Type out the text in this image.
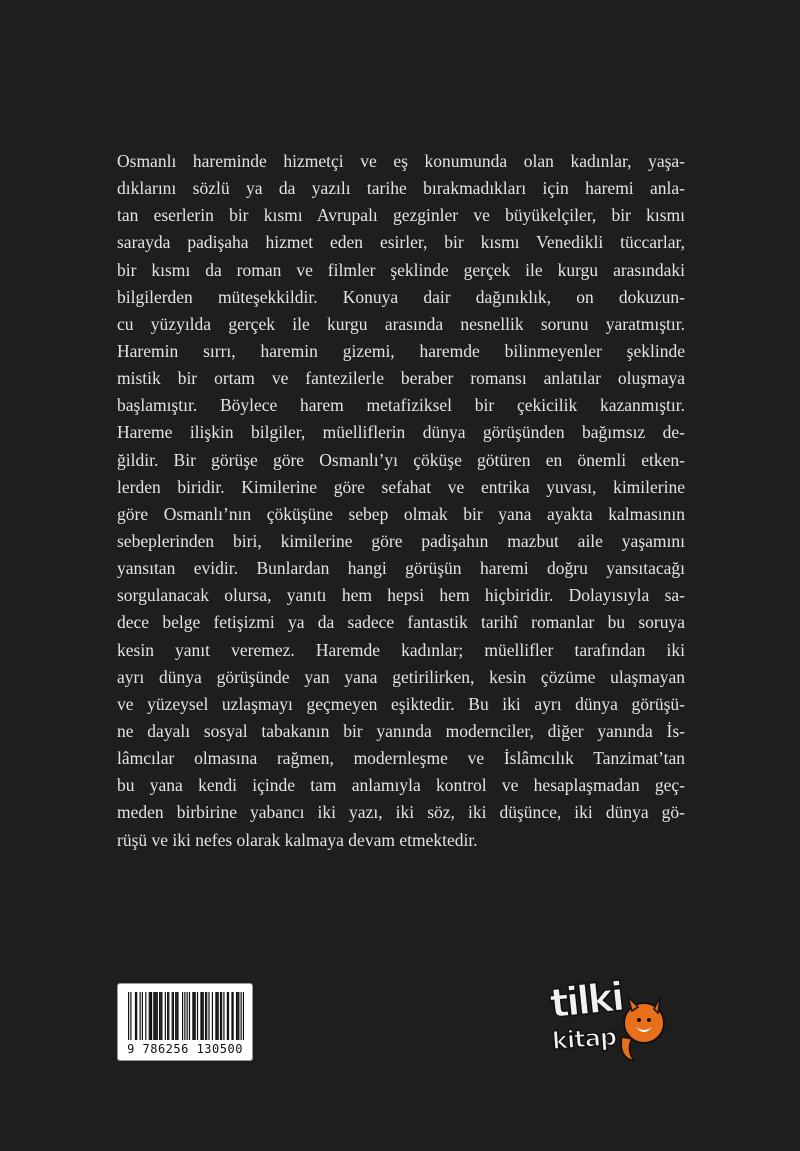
Osmanlı hareminde hizmetçi ve eş konumunda olan kadınlar, yaşa-
dıklarını sözlü ya da yazılı tarihe bırakmadıkları için haremi anla-
tan eserlerin bir kısmı Avrupalı gezginler ve büyükelçiler, bir kısmı
sarayda padişaha hizmet eden esirler, bir kısmı Venedikli tüccarlar,
bir kısmı da roman ve filmler şeklinde gerçek ile kurgu arasındaki
bilgilerden müteşekkildir. Konuya dair dağınıklık, on dokuzun-
cu yüzyılda gerçek ile kurgu arasında nesnellik sorunu yaratmıştır.
Haremin sırrı, haremin gizemi, haremde bilinmeyenler şeklinde
mistik bir ortam ve fantezilerle beraber romansı anlatılar oluşmaya
başlamıştır. Böylece harem metafiziksel bir çekicilik kazanmıştır.
Hareme ilişkin bilgiler, müelliflerin dünya görüşünden bağımsız de-
ğildir. Bir görüşe göre Osmanlı’yı çöküşe götüren en önemli etken-
lerden biridir. Kimilerine göre sefahat ve entrika yuvası, kimilerine
göre Osmanlı’nın çöküşüne sebep olmak bir yana ayakta kalmasının
sebeplerinden biri, kimilerine göre padişahın mazbut aile yaşamını
yansıtan evidir. Bunlardan hangi görüşün haremi doğru yansıtacağı
sorgulanacak olursa, yanıtı hem hepsi hem hiçbiridir. Dolayısıyla sa-
dece belge fetişizmi ya da sadece fantastik tarihî romanlar bu soruya
kesin yanıt veremez. Haremde kadınlar; müellifler tarafından iki
ayrı dünya görüşünde yan yana getirilirken, kesin çözüme ulaşmayan
ve yüzeysel uzlaşmayı geçmeyen eşiktedir. Bu iki ayrı dünya görüşü-
ne dayalı sosyal tabakanın bir yanında modernciler, diğer yanında İs-
lâmcılar olmasına rağmen, modernleşme ve İslâmcılık Tanzimat’tan
bu yana kendi içinde tam anlamıyla kontrol ve hesaplaşmadan geç-
meden birbirine yabancı iki yazı, iki söz, iki düşünce, iki dünya gö-
rüşü ve iki nefes olarak kalmaya devam etmektedir.
9 786256 130500
tilki
kitap
